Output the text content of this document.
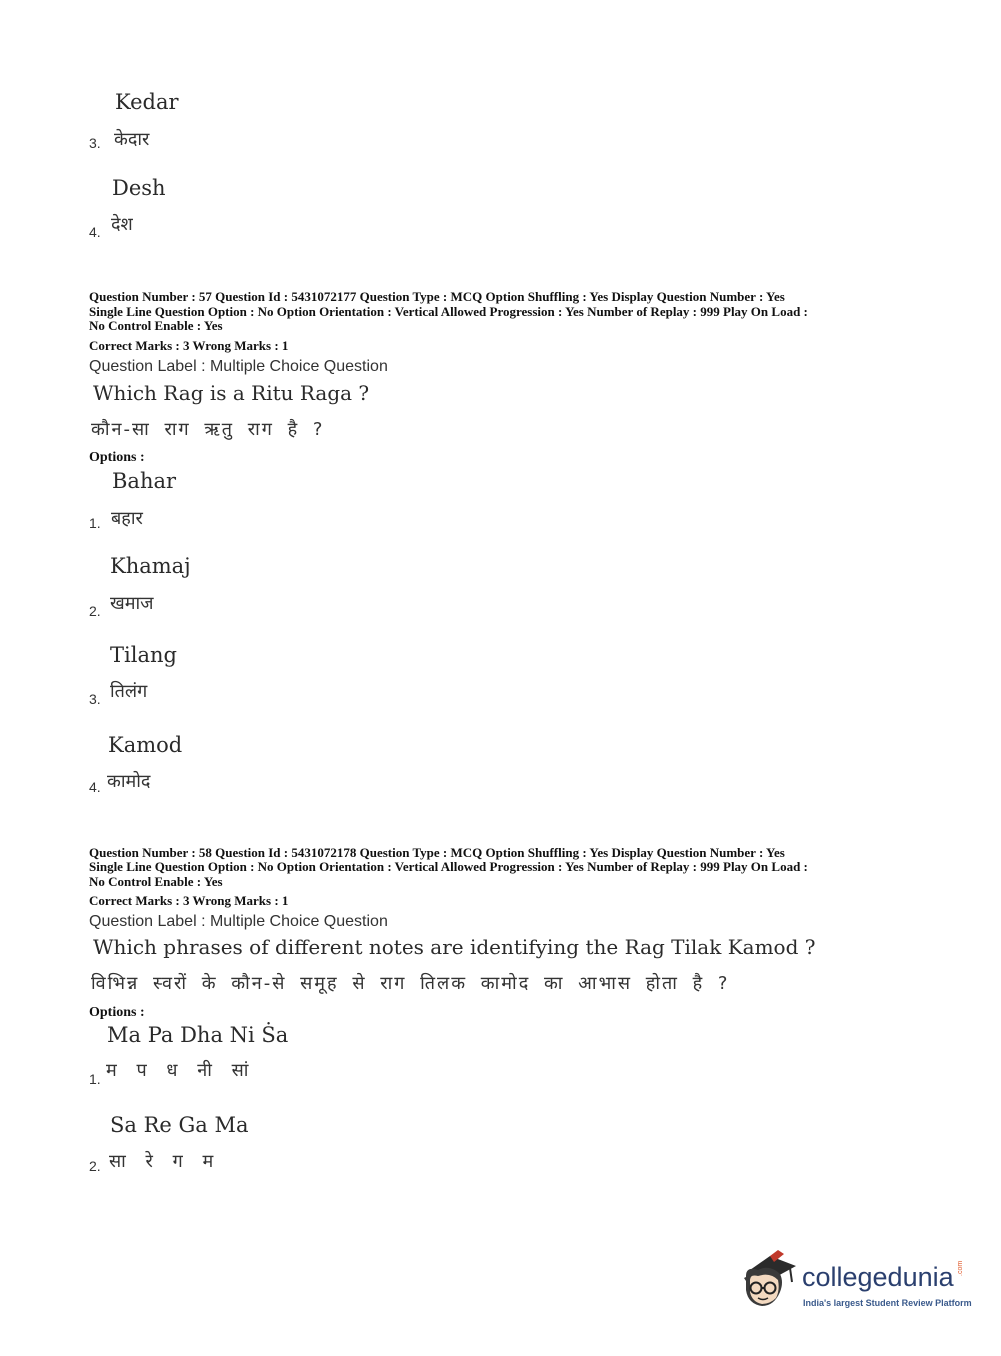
Kedar
3. केदार
Desh
4. देश
Question Number : 57 Question Id : 5431072177 Question Type : MCQ Option Shuffling : Yes Display Question Number : Yes
Single Line Question Option : No Option Orientation : Vertical Allowed Progression : Yes Number of Replay : 999 Play On Load :
No Control Enable : Yes
Correct Marks : 3 Wrong Marks : 1
Question Label : Multiple Choice Question
Which Rag is a Ritu Raga ?
कौन-सा राग ऋतु राग है ?
Options :
Bahar
1. बहार
Khamaj
2. खमाज
Tilang
3. तिलंग
Kamod
4. कामोद
Question Number : 58 Question Id : 5431072178 Question Type : MCQ Option Shuffling : Yes Display Question Number : Yes
Single Line Question Option : No Option Orientation : Vertical Allowed Progression : Yes Number of Replay : 999 Play On Load :
No Control Enable : Yes
Correct Marks : 3 Wrong Marks : 1
Question Label : Multiple Choice Question
Which phrases of different notes are identifying the Rag Tilak Kamod ?
विभिन्न स्वरों के कौन-से समूह से राग तिलक कामोद का आभास होता है ?
Options :
Ma Pa Dha Ni Ṡa
1. म प ध नी सां
Sa Re Ga Ma
2. सा रे ग म
collegedunia .com
India's largest Student Review Platform
